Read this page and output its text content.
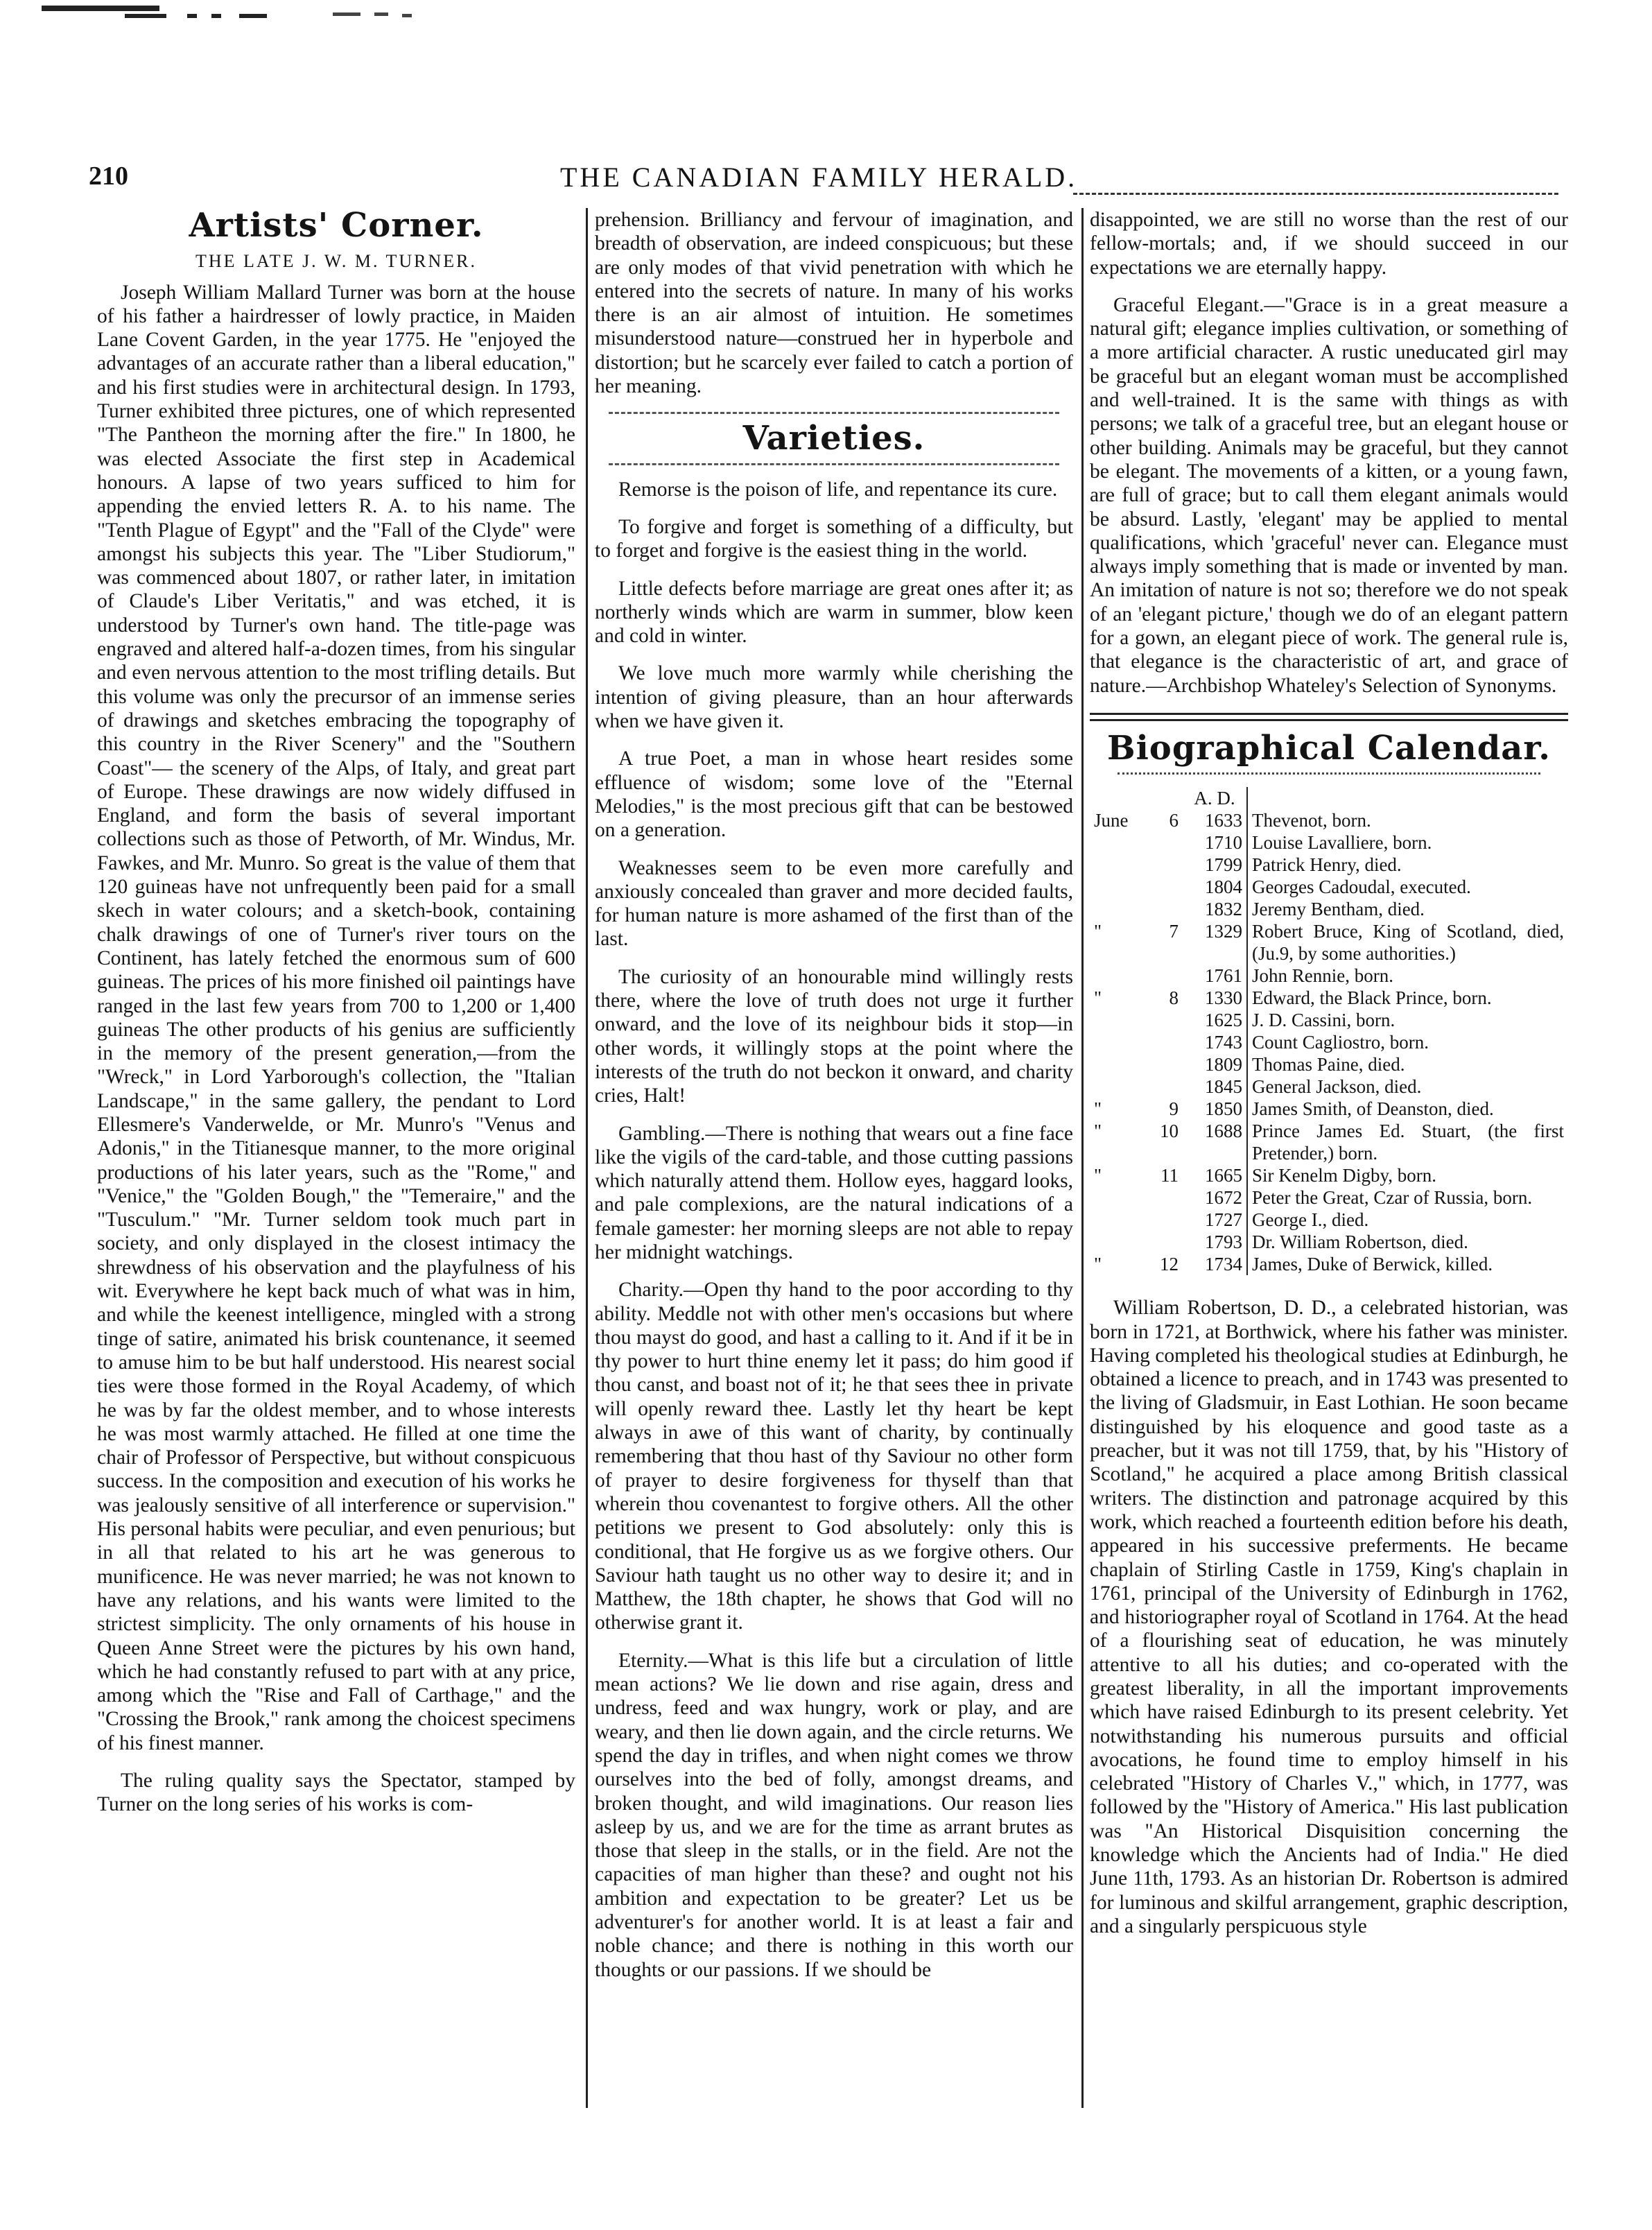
210	THE CANADIAN FAMILY HERALD.
Artists' Corner.
THE LATE J. W. M. TURNER.

Joseph William Mallard Turner was born at the house of his father a hairdresser of lowly practice, in Maiden Lane Covent Garden, in the year 1775. He "enjoyed the advantages of an accurate rather than a liberal education," and his first studies were in architectural design. In 1793, Turner exhibited three pictures, one of which represented "The Pantheon the morning after the fire." In 1800, he was elected Associate the first step in Academical honours. A lapse of two years sufficed to him for appending the envied letters R. A. to his name. The "Tenth Plague of Egypt" and the "Fall of the Clyde" were amongst his subjects this year. The "Liber Studiorum," was commenced about 1807, or rather later, in imitation of Claude's Liber Veritatis," and was etched, it is understood by Turner's own hand. The title-page was engraved and altered half-a-dozen times, from his singular and even nervous attention to the most trifling details. But this volume was only the precursor of an immense series of drawings and sketches embracing the topography of this country in the River Scenery" and the "Southern Coast"— the scenery of the Alps, of Italy, and great part of Europe. These drawings are now widely diffused in England, and form the basis of several important collections such as those of Petworth, of Mr. Windus, Mr. Fawkes, and Mr. Munro. So great is the value of them that 120 guineas have not unfrequently been paid for a small skech in water colours; and a sketch-book, containing chalk drawings of one of Turner's river tours on the Continent, has lately fetched the enormous sum of 600 guineas. The prices of his more finished oil paintings have ranged in the last few years from 700 to 1,200 or 1,400 guineas The other products of his genius are sufficiently in the memory of the present generation,—from the "Wreck," in Lord Yarborough's collection, the "Italian Landscape," in the same gallery, the pendant to Lord Ellesmere's Vanderwelde, or Mr. Munro's "Venus and Adonis," in the Titianesque manner, to the more original productions of his later years, such as the "Rome," and "Venice," the "Golden Bough," the "Temeraire," and the "Tusculum." "Mr. Turner seldom took much part in society, and only displayed in the closest intimacy the shrewdness of his observation and the playfulness of his wit. Everywhere he kept back much of what was in him, and while the keenest intelligence, mingled with a strong tinge of satire, animated his brisk countenance, it seemed to amuse him to be but half understood. His nearest social ties were those formed in the Royal Academy, of which he was by far the oldest member, and to whose interests he was most warmly attached. He filled at one time the chair of Professor of Perspective, but without conspicuous success. In the composition and execution of his works he was jealously sensitive of all interference or supervision." His personal habits were peculiar, and even penurious; but in all that related to his art he was generous to munificence. He was never married; he was not known to have any relations, and his wants were limited to the strictest simplicity. The only ornaments of his house in Queen Anne Street were the pictures by his own hand, which he had constantly refused to part with at any price, among which the "Rise and Fall of Carthage," and the "Crossing the Brook," rank among the choicest specimens of his finest manner.

The ruling quality says the Spectator, stamped by Turner on the long series of his works is com-

prehension. Brilliancy and fervour of imagination, and breadth of observation, are indeed conspicuous; but these are only modes of that vivid penetration with which he entered into the secrets of nature. In many of his works there is an air almost of intuition. He sometimes misunderstood nature—construed her in hyperbole and distortion; but he scarcely ever failed to catch a portion of her meaning.

Varieties.

Remorse is the poison of life, and repentance its cure.

To forgive and forget is something of a difficulty, but to forget and forgive is the easiest thing in the world.

Little defects before marriage are great ones after it; as northerly winds which are warm in summer, blow keen and cold in winter.

We love much more warmly while cherishing the intention of giving pleasure, than an hour afterwards when we have given it.

A true Poet, a man in whose heart resides some effluence of wisdom; some love of the "Eternal Melodies," is the most precious gift that can be bestowed on a generation.

Weaknesses seem to be even more carefully and anxiously concealed than graver and more decided faults, for human nature is more ashamed of the first than of the last.

The curiosity of an honourable mind willingly rests there, where the love of truth does not urge it further onward, and the love of its neighbour bids it stop—in other words, it willingly stops at the point where the interests of the truth do not beckon it onward, and charity cries, Halt!

Gambling.—There is nothing that wears out a fine face like the vigils of the card-table, and those cutting passions which naturally attend them. Hollow eyes, haggard looks, and pale complexions, are the natural indications of a female gamester: her morning sleeps are not able to repay her midnight watchings.

Charity.—Open thy hand to the poor according to thy ability. Meddle not with other men's occasions but where thou mayst do good, and hast a calling to it. And if it be in thy power to hurt thine enemy let it pass; do him good if thou canst, and boast not of it; he that sees thee in private will openly reward thee. Lastly let thy heart be kept always in awe of this want of charity, by continually remembering that thou hast of thy Saviour no other form of prayer to desire forgiveness for thyself than that wherein thou covenantest to forgive others. All the other petitions we present to God absolutely: only this is conditional, that He forgive us as we forgive others. Our Saviour hath taught us no other way to desire it; and in Matthew, the 18th chapter, he shows that God will no otherwise grant it.

Eternity.—What is this life but a circulation of little mean actions? We lie down and rise again, dress and undress, feed and wax hungry, work or play, and are weary, and then lie down again, and the circle returns. We spend the day in trifles, and when night comes we throw ourselves into the bed of folly, amongst dreams, and broken thought, and wild imaginations. Our reason lies asleep by us, and we are for the time as arrant brutes as those that sleep in the stalls, or in the field. Are not the capacities of man higher than these? and ought not his ambition and expectation to be greater? Let us be adventurer's for another world. It is at least a fair and noble chance; and there is nothing in this worth our thoughts or our passions. If we should be

disappointed, we are still no worse than the rest of our fellow-mortals; and, if we should succeed in our expectations we are eternally happy.

Graceful Elegant.—"Grace is in a great measure a natural gift; elegance implies cultivation, or something of a more artificial character. A rustic uneducated girl may be graceful but an elegant woman must be accomplished and well-trained. It is the same with things as with persons; we talk of a graceful tree, but an elegant house or other building. Animals may be graceful, but they cannot be elegant. The movements of a kitten, or a young fawn, are full of grace; but to call them elegant animals would be absurd. Lastly, 'elegant' may be applied to mental qualifications, which 'graceful' never can. Elegance must always imply something that is made or invented by man. An imitation of nature is not so; therefore we do not speak of an 'elegant picture,' though we do of an elegant pattern for a gown, an elegant piece of work. The general rule is, that elegance is the characteristic of art, and grace of nature.—Archbishop Whateley's Selection of Synonyms.

Biographical Calendar.
		A. D.	
June	6	1633	Thevenot, born.
		1710	Louise Lavalliere, born.
		1799	Patrick Henry, died.
		1804	Georges Cadoudal, executed.
		1832	Jeremy Bentham, died.
"	7	1329	Robert Bruce, King of Scotland, died, (Ju.9, by some authorities.)
		1761	John Rennie, born.
"	8	1330	Edward, the Black Prince, born.
		1625	J. D. Cassini, born.
		1743	Count Cagliostro, born.
		1809	Thomas Paine, died.
		1845	General Jackson, died.
"	9	1850	James Smith, of Deanston, died.
"	10	1688	Prince James Ed. Stuart, (the first Pretender,) born.
"	11	1665	Sir Kenelm Digby, born.
		1672	Peter the Great, Czar of Russia, born.
		1727	George I., died.
		1793	Dr. William Robertson, died.
"	12	1734	James, Duke of Berwick, killed.

William Robertson, D. D., a celebrated historian, was born in 1721, at Borthwick, where his father was minister. Having completed his theological studies at Edinburgh, he obtained a licence to preach, and in 1743 was presented to the living of Gladsmuir, in East Lothian. He soon became distinguished by his eloquence and good taste as a preacher, but it was not till 1759, that, by his "History of Scotland," he acquired a place among British classical writers. The distinction and patronage acquired by this work, which reached a fourteenth edition before his death, appeared in his successive preferments. He became chaplain of Stirling Castle in 1759, King's chaplain in 1761, principal of the University of Edinburgh in 1762, and historiographer royal of Scotland in 1764. At the head of a flourishing seat of education, he was minutely attentive to all his duties; and co-operated with the greatest liberality, in all the important improvements which have raised Edinburgh to its present celebrity. Yet notwithstanding his numerous pursuits and official avocations, he found time to employ himself in his celebrated "History of Charles V.," which, in 1777, was followed by the "History of America." His last publication was "An Historical Disquisition concerning the knowledge which the Ancients had of India." He died June 11th, 1793. As an historian Dr. Robertson is admired for luminous and skilful arrangement, graphic description, and a singularly perspicuous style
